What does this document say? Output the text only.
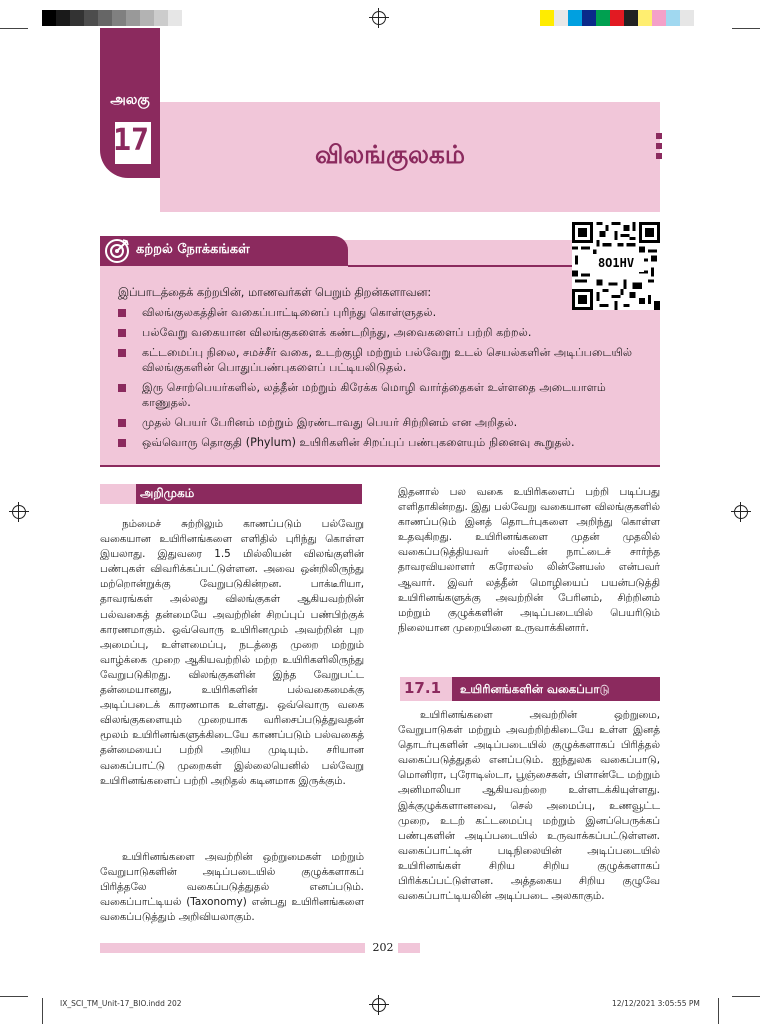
அலகு
17	விலங்குலகம்
கற்றல் நோக்கங்கள்
இப்பாடத்தைக் கற்றபின், மாணவர்கள் பெறும் திறன்களாவன:
விலங்குலகத்தின் வகைப்பாட்டினைப் புரிந்து கொள்ளுதல்.
பல்வேறு வகையான விலங்குகளைக் கண்டறிந்து, அவைகளைப் பற்றி கற்றல்.
கட்டமைப்பு நிலை, சமச்சீர் வகை, உடற்குழி மற்றும் பல்வேறு உடல் செயல்களின் அடிப்படையில் விலங்குகளின் பொதுப்பண்புகளைப் பட்டியலிடுதல்.
இரு சொற்பெயர்களில், லத்தீன் மற்றும் கிரேக்க மொழி வார்த்தைகள் உள்ளதை அடையாளம் காணுதல்.
முதல் பெயர் பேரினம் மற்றும் இரண்டாவது பெயர் சிற்றினம் என அறிதல்.
ஒவ்வொரு தொகுதி (Phylum) உயிரிகளின் சிறப்புப் பண்புகளையும் நினைவு கூறுதல்.
8O1HV
அறிமுகம்

நம்மைச் சுற்றிலும் காணப்படும் பல்வேறு வகையான உயிரினங்களை எளிதில் புரிந்து கொள்ள இயலாது. இதுவரை 1.5 மில்லியன் விலங்குளின் பண்புகள் விவரிக்கப்பட்டுள்ளன. அவை ஒன்றிலிருந்து மற்றொன்றுக்கு வேறுபடுகின்றன. பாக்டீரியா, தாவரங்கள் அல்லது விலங்குகள் ஆகியவற்றின் பல்வகைத் தன்மையே அவற்றின் சிறப்புப் பண்பிற்குக் காரணமாகும். ஒவ்வொரு உயிரினமும் அவற்றின் புற அமைப்பு, உள்ளமைப்பு, நடத்தை முறை மற்றும் வாழ்க்கை முறை ஆகியவற்றில் மற்ற உயிரிகளிலிருந்து வேறுபடுகிறது. விலங்குகளின் இந்த வேறுபட்ட தன்மையானது, உயிரிகளின் பல்வகைமைக்கு அடிப்படைக் காரணமாக உள்ளது. ஒவ்வொரு வகை விலங்குகளையும் முறையாக வரிசைப்படுத்துவதன் மூலம் உயிரினங்களுக்கிடையே காணப்படும் பல்வகைத் தன்மையைப் பற்றி அறிய முடியும். சரியான வகைப்பாட்டு முறைகள் இல்லையெனில் பல்வேறு உயிரினங்களைப் பற்றி அறிதல் கடினமாக இருக்கும்.

உயிரினங்களை அவற்றின் ஒற்றுமைகள் மற்றும் வேறுபாடுகளின் அடிப்படையில் குழுக்களாகப் பிரித்தலே வகைப்படுத்துதல் எனப்படும். வகைப்பாட்டியல் (Taxonomy) என்பது உயிரினங்களை வகைப்படுத்தும் அறிவியலாகும்.

இதனால் பல வகை உயிரிகளைப் பற்றி படிப்பது எளிதாகின்றது. இது பல்வேறு வகையான விலங்குகளில் காணப்படும் இனத் தொடர்புகளை அறிந்து கொள்ள உதவுகிறது. உயிரினங்களை முதன் முதலில் வகைப்படுத்தியவர் ஸ்வீடன் நாட்டைச் சார்ந்த தாவரவியலாளர் கரோலஸ் லின்னேயஸ் என்பவர் ஆவார். இவர் லத்தீன் மொழியைப் பயன்படுத்தி உயிரினங்களுக்கு அவற்றின் பேரினம், சிற்றினம் மற்றும் குழுக்களின் அடிப்படையில் பெயரிடும் நிலையான முறையினை உருவாக்கினார்.

17.1 உயிரினங்களின் வகைப்பாடு

உயிரினங்களை அவற்றின் ஒற்றுமை, வேறுபாடுகள் மற்றும் அவற்றிற்கிடையே உள்ள இனத் தொடர்புகளின் அடிப்படையில் குழுக்களாகப் பிரித்தல் வகைப்படுத்துதல் எனப்படும். ஐந்துலக வகைப்பாடு, மொனிரா, புரோடிஸ்டா, பூஞ்சைகள், பிளான்டே மற்றும் அனிமாலியா ஆகியவற்றை உள்ளடக்கியுள்ளது. இக்குழுக்களானவை, செல் அமைப்பு, உணவூட்ட முறை, உடற் கட்டமைப்பு மற்றும் இனப்பெருக்கப் பண்புகளின் அடிப்படையில் உருவாக்கப்பட்டுள்ளன. வகைப்பாட்டின் படிநிலையின் அடிப்படையில் உயிரினங்கள் சிறிய சிறிய குழுக்களாகப் பிரிக்கப்பட்டுள்ளன. அத்தகைய சிறிய குழுவே வகைப்பாட்டியலின் அடிப்படை அலகாகும்.

202
IX_SCI_TM_Unit-17_BIO.indd 202	12/12/2021 3:05:55 PM
